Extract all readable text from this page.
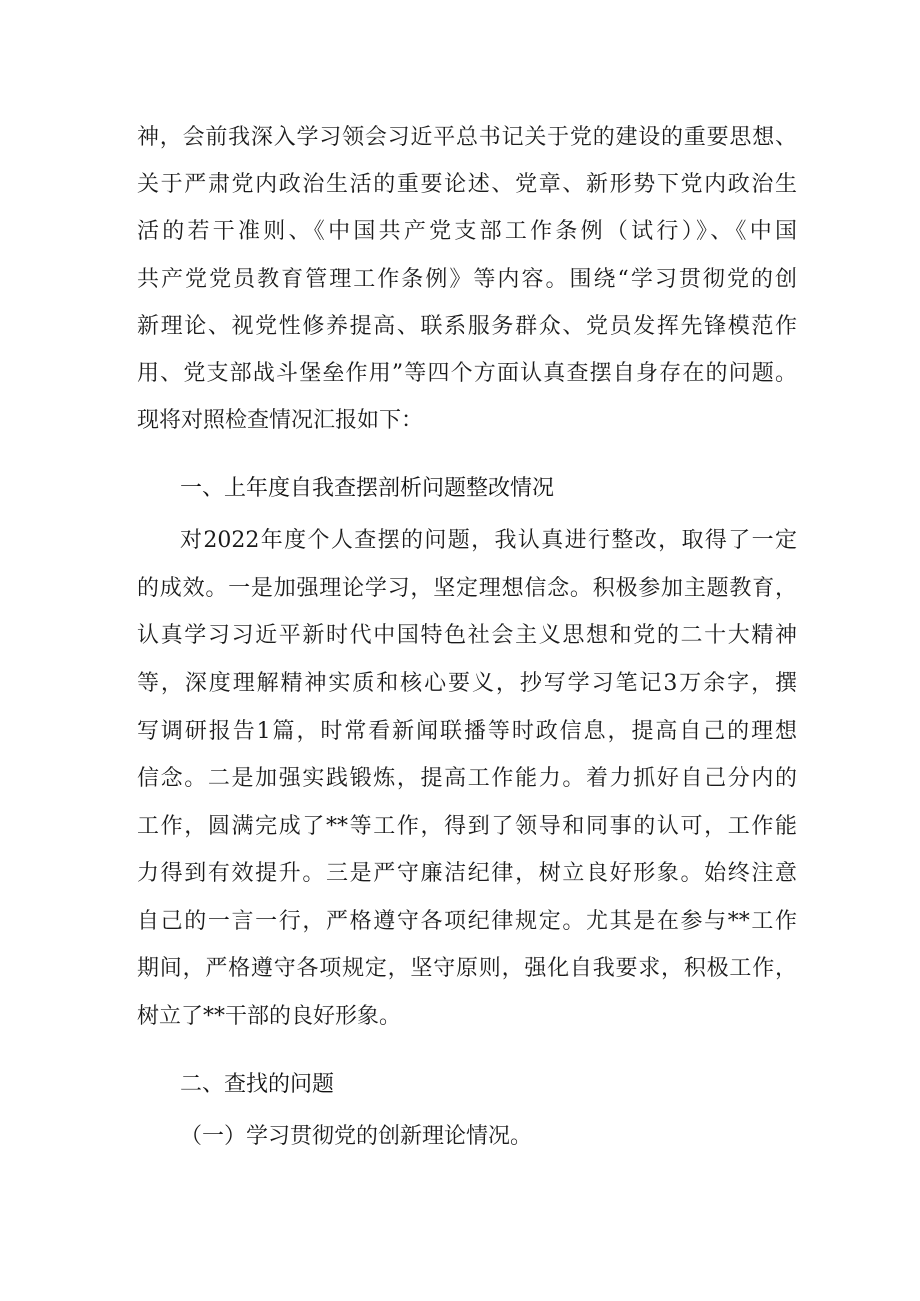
神，会前我深入学习领会习近平总书记关于党的建设的重要思想、
关于严肃党内政治生活的重要论述、党章、新形势下党内政治生
活的若干准则、《中国共产党支部工作条例（试行）》、《中国
共产党党员教育管理工作条例》等内容。围绕“学习贯彻党的创
新理论、视党性修养提高、联系服务群众、党员发挥先锋模范作
用、党支部战斗堡垒作用”等四个方面认真查摆自身存在的问题。
现将对照检查情况汇报如下：
一、上年度自我查摆剖析问题整改情况
对2022年度个人查摆的问题，我认真进行整改，取得了一定
的成效。一是加强理论学习，坚定理想信念。积极参加主题教育，
认真学习习近平新时代中国特色社会主义思想和党的二十大精神
等，深度理解精神实质和核心要义，抄写学习笔记3万余字，撰
写调研报告1篇，时常看新闻联播等时政信息，提高自己的理想
信念。二是加强实践锻炼，提高工作能力。着力抓好自己分内的
工作，圆满完成了**等工作，得到了领导和同事的认可，工作能
力得到有效提升。三是严守廉洁纪律，树立良好形象。始终注意
自己的一言一行，严格遵守各项纪律规定。尤其是在参与**工作
期间，严格遵守各项规定，坚守原则，强化自我要求，积极工作，
树立了**干部的良好形象。
二、查找的问题
（一）学习贯彻党的创新理论情况。
